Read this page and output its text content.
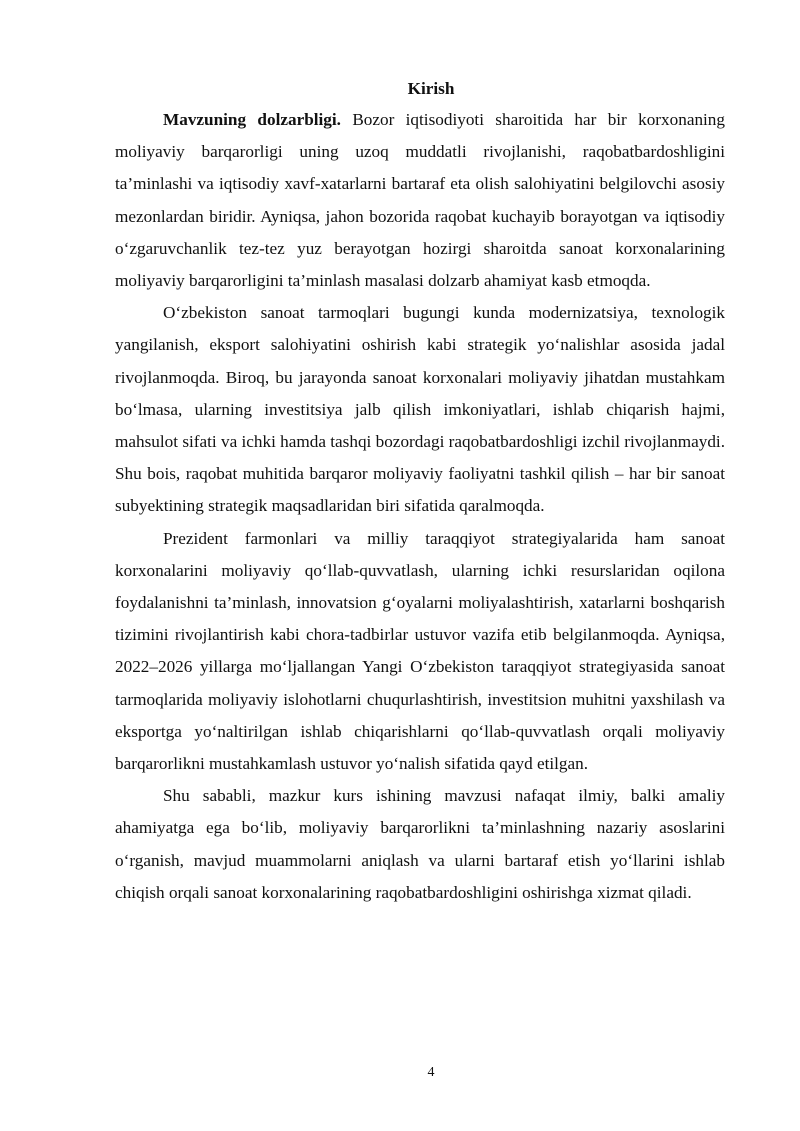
Kirish

Mavzuning dolzarbligi. Bozor iqtisodiyoti sharoitida har bir korxonaning moliyaviy barqarorligi uning uzoq muddatli rivojlanishi, raqobatbardoshligini ta’minlashi va iqtisodiy xavf-xatarlarni bartaraf eta olish salohiyatini belgilovchi asosiy mezonlardan biridir. Ayniqsa, jahon bozorida raqobat kuchayib borayotgan va iqtisodiy o‘zgaruvchanlik tez-tez yuz berayotgan hozirgi sharoitda sanoat korxonalarining moliyaviy barqarorligini ta’minlash masalasi dolzarb ahamiyat kasb etmoqda.

O‘zbekiston sanoat tarmoqlari bugungi kunda modernizatsiya, texnologik yangilanish, eksport salohiyatini oshirish kabi strategik yo‘nalishlar asosida jadal rivojlanmoqda. Biroq, bu jarayonda sanoat korxonalari moliyaviy jihatdan mustahkam bo‘lmasa, ularning investitsiya jalb qilish imkoniyatlari, ishlab chiqarish hajmi, mahsulot sifati va ichki hamda tashqi bozordagi raqobatbardoshligi izchil rivojlanmaydi. Shu bois, raqobat muhitida barqaror moliyaviy faoliyatni tashkil qilish – har bir sanoat subyektining strategik maqsadlaridan biri sifatida qaralmoqda.

Prezident farmonlari va milliy taraqqiyot strategiyalarida ham sanoat korxonalarini moliyaviy qo‘llab-quvvatlash, ularning ichki resurslaridan oqilona foydalanishni ta’minlash, innovatsion g‘oyalarni moliyalashtirish, xatarlarni boshqarish tizimini rivojlantirish kabi chora-tadbirlar ustuvor vazifa etib belgilanmoqda. Ayniqsa, 2022–2026 yillarga mo‘ljallangan Yangi O‘zbekiston taraqqiyot strategiyasida sanoat tarmoqlarida moliyaviy islohotlarni chuqurlashtirish, investitsion muhitni yaxshilash va eksportga yo‘naltirilgan ishlab chiqarishlarni qo‘llab-quvvatlash orqali moliyaviy barqarorlikni mustahkamlash ustuvor yo‘nalish sifatida qayd etilgan.

Shu sababli, mazkur kurs ishining mavzusi nafaqat ilmiy, balki amaliy ahamiyatga ega bo‘lib, moliyaviy barqarorlikni ta’minlashning nazariy asoslarini o‘rganish, mavjud muammolarni aniqlash va ularni bartaraf etish yo‘llarini ishlab chiqish orqali sanoat korxonalarining raqobatbardoshligini oshirishga xizmat qiladi.

4
